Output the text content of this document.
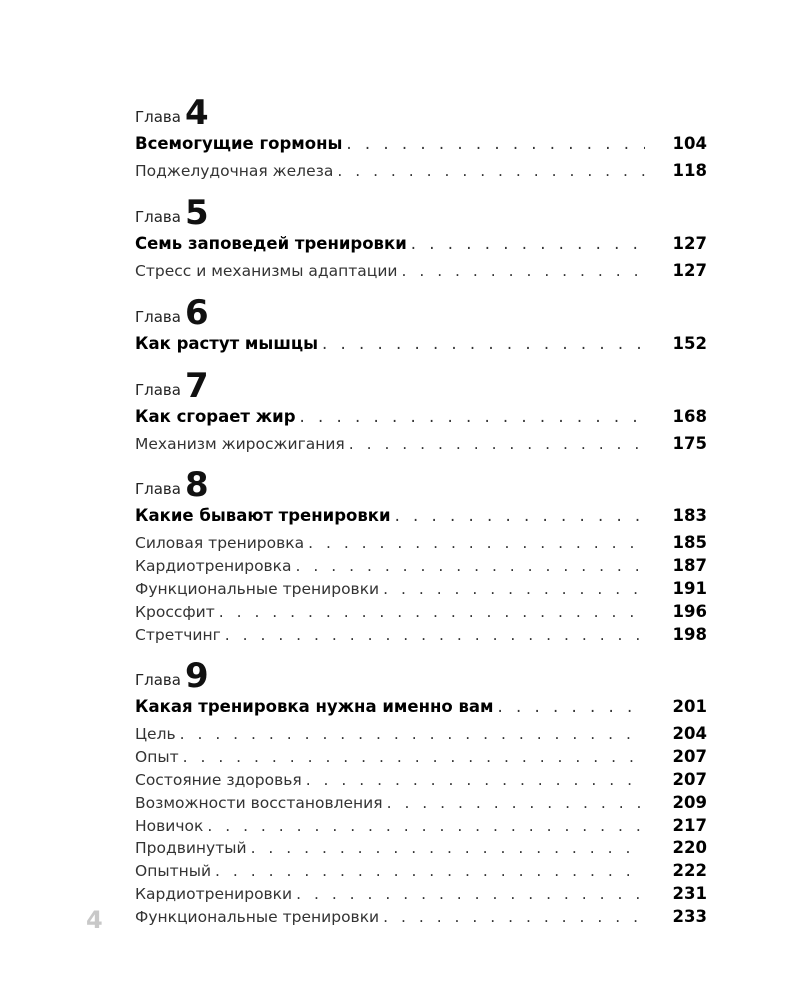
Глава 4
Всемогущие гормоны . . .	104
Поджелудочная железа . . .	118
Глава 5
Семь заповедей тренировки . . .	127
Стресс и механизмы адаптации . . .	127
Глава 6
Как растут мышцы . . .	152
Глава 7
Как сгорает жир . . .	168
Механизм жиросжигания . . .	175
Глава 8
Какие бывают тренировки . . .	183
Силовая тренировка . . .	185
Кардиотренировка . . .	187
Функциональные тренировки . . .	191
Кроссфит . . .	196
Стретчинг . . .	198
Глава 9
Какая тренировка нужна именно вам . . .	201
Цель . . .	204
Опыт . . .	207
Состояние здоровья . . .	207
Возможности восстановления . . .	209
Новичок . . .	217
Продвинутый . . .	220
Опытный . . .	222
Кардиотренировки . . .	231
Функциональные тренировки . . .	233
4
